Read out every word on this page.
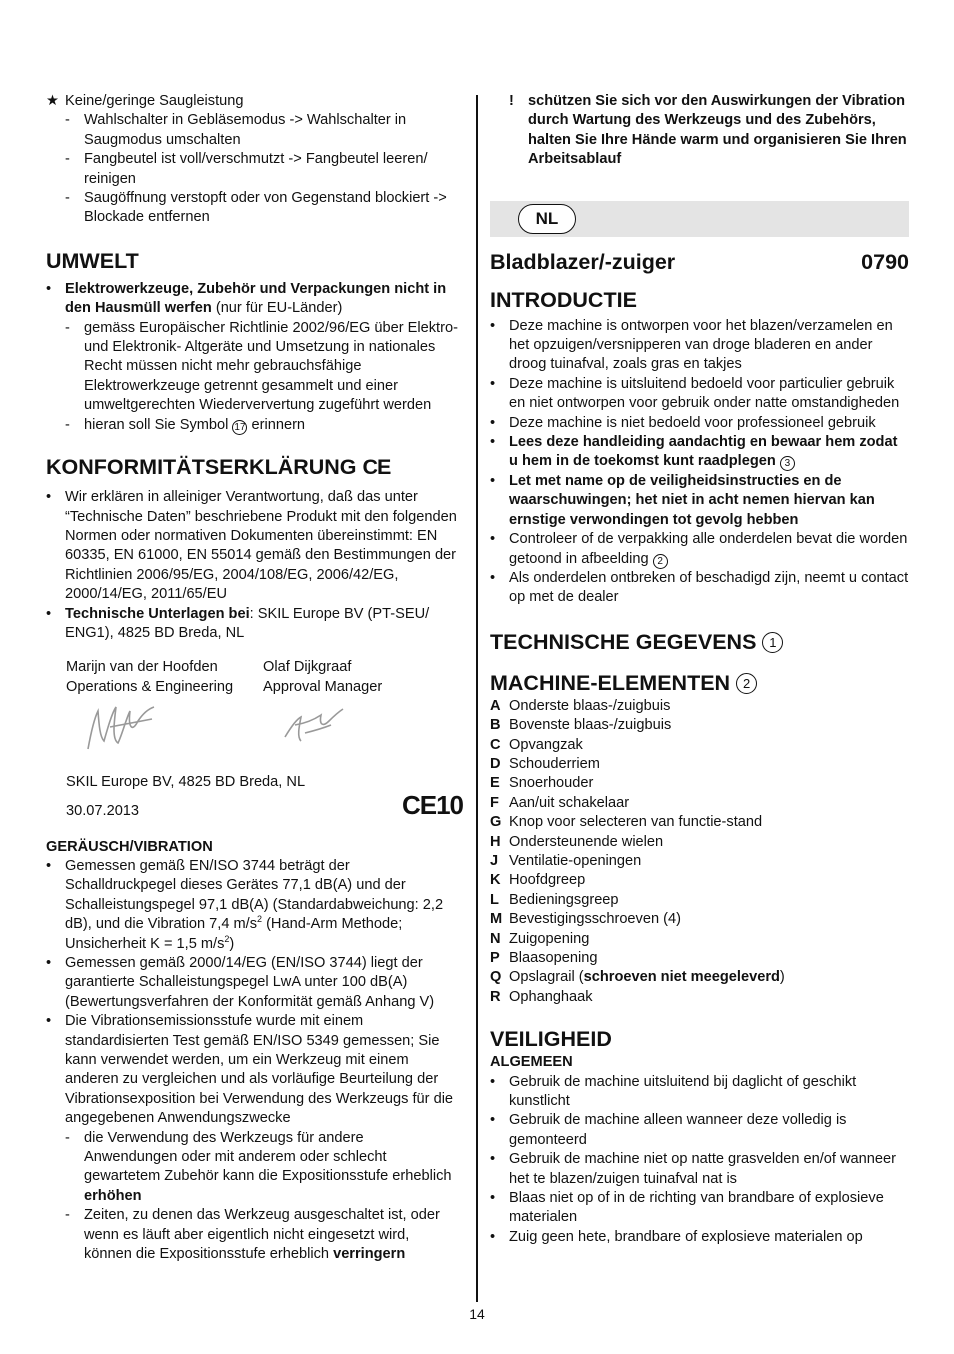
★ Keine/geringe Saugleistung
- Wahlschalter in Gebläsemodus -> Wahlschalter in Saugmodus umschalten
- Fangbeutel ist voll/verschmutzt -> Fangbeutel leeren/ reinigen
- Saugöffnung verstopft oder von Gegenstand blockiert -> Blockade entfernen
UMWELT
• Elektrowerkzeuge, Zubehör und Verpackungen nicht in den Hausmüll werfen (nur für EU-Länder)
- gemäss Europäischer Richtlinie 2002/96/EG über Elektro- und Elektronik- Altgeräte und Umsetzung in nationales Recht müssen nicht mehr gebrauchsfähige Elektrowerkzeuge getrennt gesammelt und einer umweltgerechten Wiederververtung zugeführt werden
- hieran soll Sie Symbol 17 erinnern
KONFORMITÄTSERKLÄRUNG CE
• Wir erklären in alleiniger Verantwortung, daß das unter “Technische Daten” beschriebene Produkt mit den folgenden Normen oder normativen Dokumenten übereinstimmt: EN 60335, EN 61000, EN 55014 gemäß den Bestimmungen der Richtlinien 2006/95/EG, 2004/108/EG, 2006/42/EG, 2000/14/EG, 2011/65/EU
• Technische Unterlagen bei: SKIL Europe BV (PT-SEU/ ENG1), 4825 BD Breda, NL

Marijn van der Hoofden

Operations & Engineering

Olaf Dijkgraaf

Approval Manager

SKIL Europe BV, 4825 BD Breda, NL

30.07.2013	CE10
GERÄUSCH/VIBRATION
• Gemessen gemäß EN/ISO 3744 beträgt der Schalldruckpegel dieses Gerätes 77,1 dB(A) und der Schalleistungspegel 97,1 dB(A) (Standardabweichung: 2,2 dB), und die Vibration 7,4 $m/s^2$ (Hand-Arm Methode; Unsicherheit K = 1,5 $m/s^2$)
• Gemessen gemäß 2000/14/EG (EN/ISO 3744) liegt der garantierte Schalleistungspegel LwA unter 100 dB(A) (Bewertungsverfahren der Konformität gemäß Anhang V)
• Die Vibrationsemissionsstufe wurde mit einem standardisierten Test gemäß EN/ISO 5349 gemessen; Sie kann verwendet werden, um ein Werkzeug mit einem anderen zu vergleichen und als vorläufige Beurteilung der Vibrationsexposition bei Verwendung des Werkzeugs für die angegebenen Anwendungszwecke
- die Verwendung des Werkzeugs für andere Anwendungen oder mit anderem oder schlecht gewartetem Zubehör kann die Expositionsstufe erheblich erhöhen
- Zeiten, zu denen das Werkzeug ausgeschaltet ist, oder wenn es läuft aber eigentlich nicht eingesetzt wird, können die Expositionsstufe erheblich verringern
! schützen Sie sich vor den Auswirkungen der Vibration durch Wartung des Werkzeugs und des Zubehörs, halten Sie Ihre Hände warm und organisieren Sie Ihren Arbeitsablauf
NL
Bladblazer/-zuiger	0790
INTRODUCTIE
• Deze machine is ontworpen voor het blazen/verzamelen en het opzuigen/versnipperen van droge bladeren en ander droog tuinafval, zoals gras en takjes
• Deze machine is uitsluitend bedoeld voor particulier gebruik en niet ontworpen voor gebruik onder natte omstandigheden
• Deze machine is niet bedoeld voor professioneel gebruik
• Lees deze handleiding aandachtig en bewaar hem zodat u hem in de toekomst kunt raadplegen 3
• Let met name op de veiligheidsinstructies en de waarschuwingen; het niet in acht nemen hiervan kan ernstige verwondingen tot gevolg hebben
• Controleer of de verpakking alle onderdelen bevat die worden getoond in afbeelding 2
• Als onderdelen ontbreken of beschadigd zijn, neemt u contact op met de dealer
TECHNISCHE GEGEVENS 1
MACHINE-ELEMENTEN 2
A Onderste blaas-/zuigbuis
B Bovenste blaas-/zuigbuis
C Opvangzak
D Schouderriem
E Snoerhouder
F Aan/uit schakelaar
G Knop voor selecteren van functie-stand
H Ondersteunende wielen
J Ventilatie-openingen
K Hoofdgreep
L Bedieningsgreep
M Bevestigingsschroeven (4)
N Zuigopening
P Blaasopening
Q Opslagrail (schroeven niet meegeleverd)
R Ophanghaak
VEILIGHEID
ALGEMEEN
• Gebruik de machine uitsluitend bij daglicht of geschikt kunstlicht
• Gebruik de machine alleen wanneer deze volledig is gemonteerd
• Gebruik de machine niet op natte grasvelden en/of wanneer het te blazen/zuigen tuinafval nat is
• Blaas niet op of in de richting van brandbare of explosieve materialen
• Zuig geen hete, brandbare of explosieve materialen op
14
